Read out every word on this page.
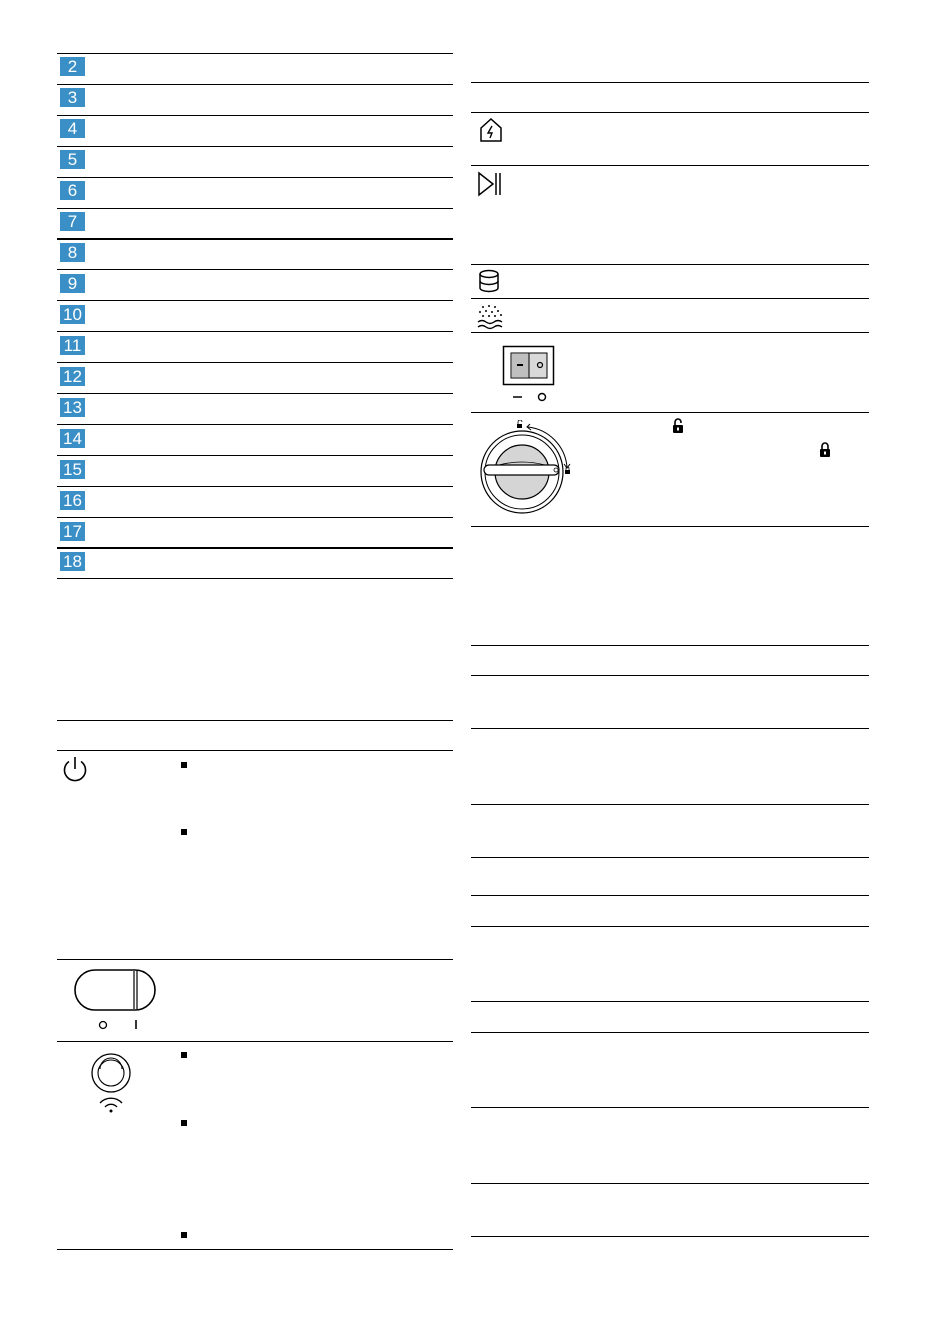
2
3
4
5
6
7
8
9
10
11
12
13
14
15
16
17
18
